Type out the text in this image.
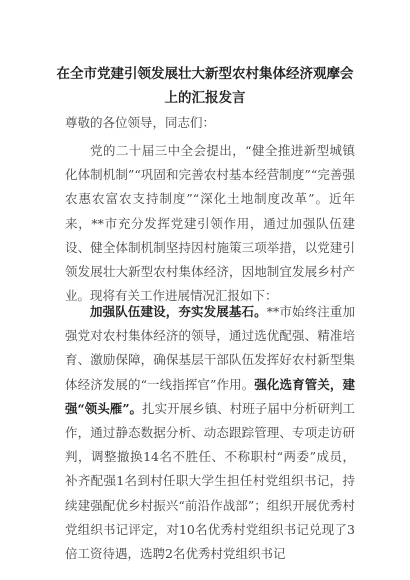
在全市党建引领发展壮大新型农村集体经济观摩会上的汇报发言

尊敬的各位领导，同志们：

党的二十届三中全会提出，“健全推进新型城镇化体制机制”“巩固和完善农村基本经营制度”“完善强农惠农富农支持制度”“深化土地制度改革”。近年来，**市充分发挥党建引领作用，通过加强队伍建设、健全体制机制坚持因村施策三项举措，以党建引领发展壮大新型农村集体经济，因地制宜发展乡村产业。现将有关工作进展情况汇报如下：

加强队伍建设，夯实发展基石。**市始终注重加强党对农村集体经济的领导，通过选优配强、精准培育、激励保障，确保基层干部队伍发挥好农村新型集体经济发展的“一线指挥官”作用。强化选育管关，建强“领头雁”。扎实开展乡镇、村班子届中分析研判工作，通过静态数据分析、动态跟踪管理、专项走访研判，调整撤换14名不胜任、不称职村“两委”成员，补齐配强1名到村任职大学生担任村党组织书记，持续建强配优乡村振兴“前沿作战部”；组织开展优秀村党组织书记评定，对10名优秀村党组织书记兑现了3倍工资待遇，选聘2名优秀村党组织书记
